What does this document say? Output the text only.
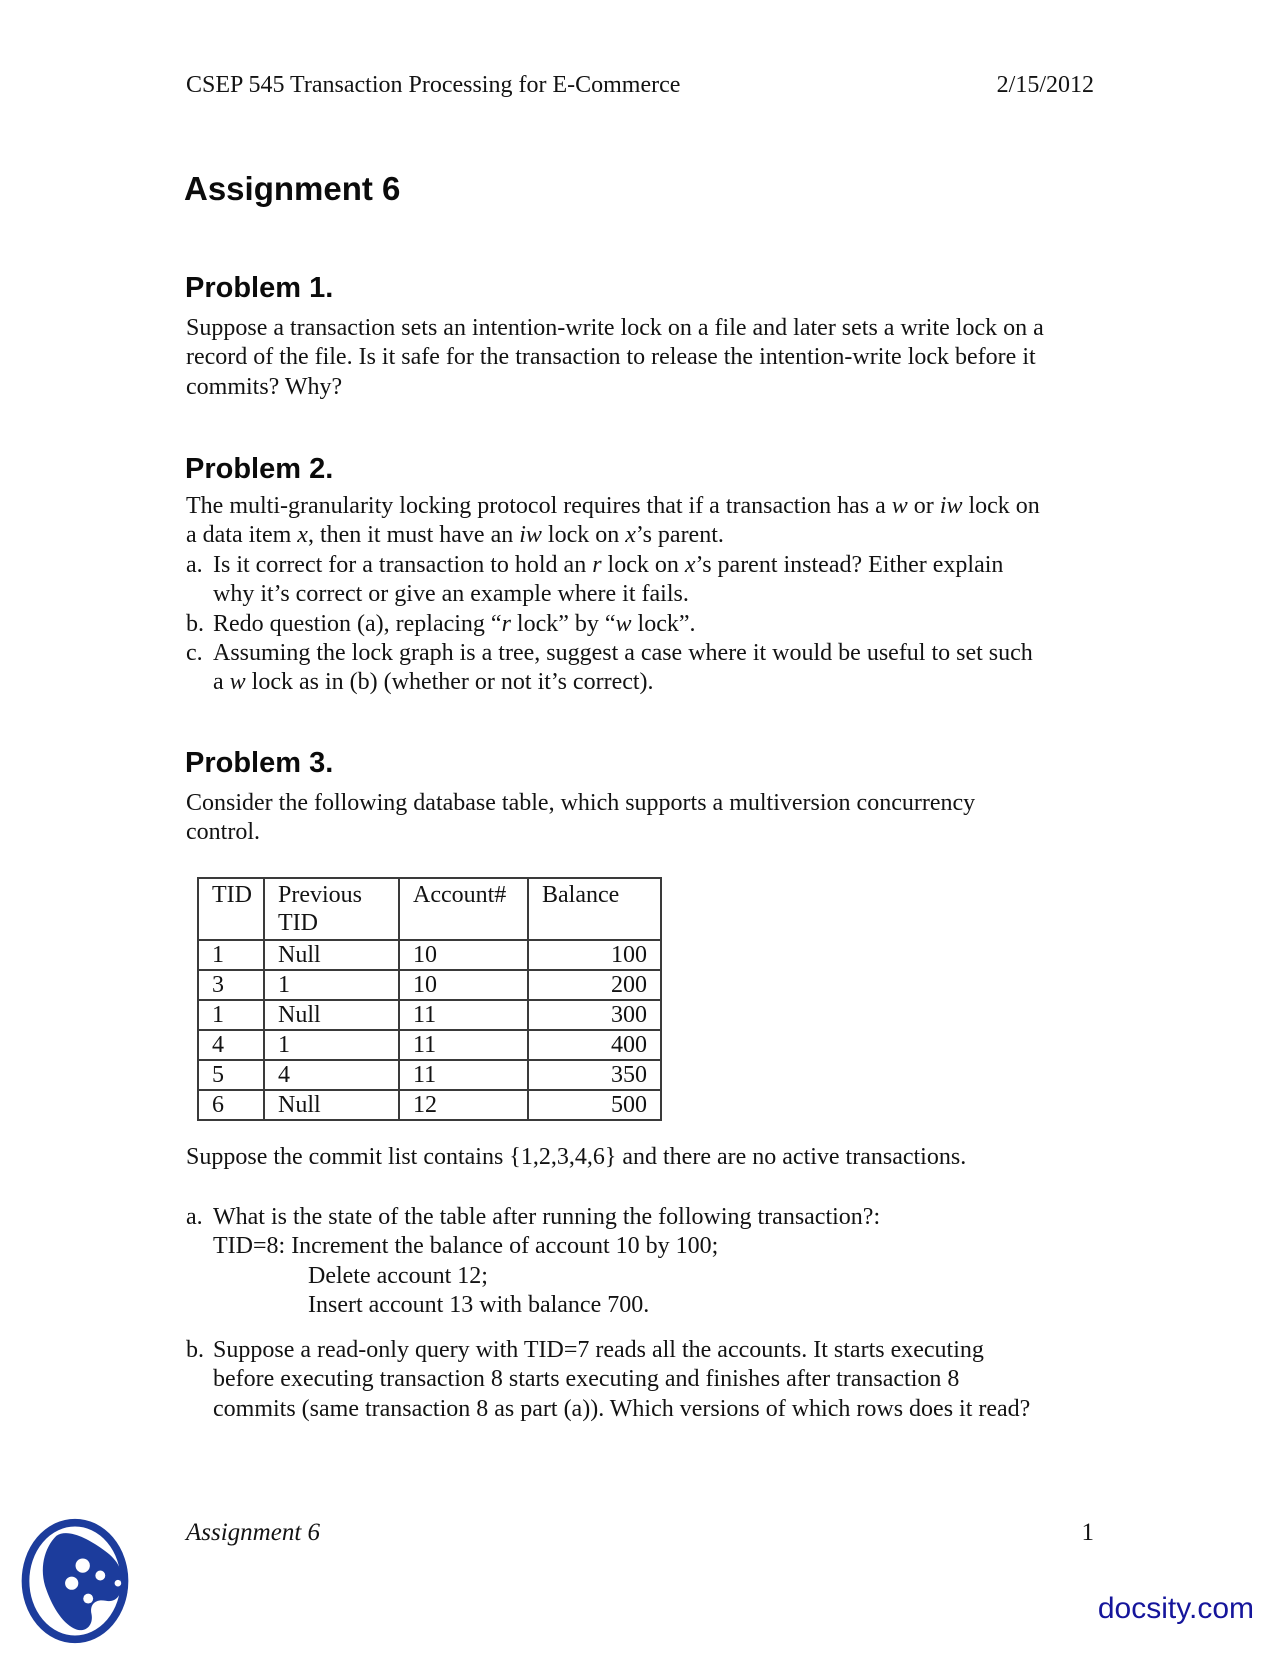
CSEP 545 Transaction Processing for E-Commerce	2/15/2012
Assignment 6
Problem 1.
Suppose a transaction sets an intention-write lock on a file and later sets a write lock on a
record of the file. Is it safe for the transaction to release the intention-write lock before it
commits? Why?
Problem 2.
The multi-granularity locking protocol requires that if a transaction has a w or iw lock on
a data item x, then it must have an iw lock on x’s parent.
a. Is it correct for a transaction to hold an r lock on x’s parent instead? Either explain
why it’s correct or give an example where it fails.
b. Redo question (a), replacing “r lock” by “w lock”.
c. Assuming the lock graph is a tree, suggest a case where it would be useful to set such
a w lock as in (b) (whether or not it’s correct).
Problem 3.
Consider the following database table, which supports a multiversion concurrency
control.
TID	Previous TID	Account#	Balance
1	Null	10	100
3	1	10	200
1	Null	11	300
4	1	11	400
5	4	11	350
6	Null	12	500
Suppose the commit list contains {1,2,3,4,6} and there are no active transactions.
a. What is the state of the table after running the following transaction?:
TID=8: Increment the balance of account 10 by 100;
Delete account 12;
Insert account 13 with balance 700.
b. Suppose a read-only query with TID=7 reads all the accounts. It starts executing
before executing transaction 8 starts executing and finishes after transaction 8
commits (same transaction 8 as part (a)). Which versions of which rows does it read?
Assignment 6	1
docsity.com
